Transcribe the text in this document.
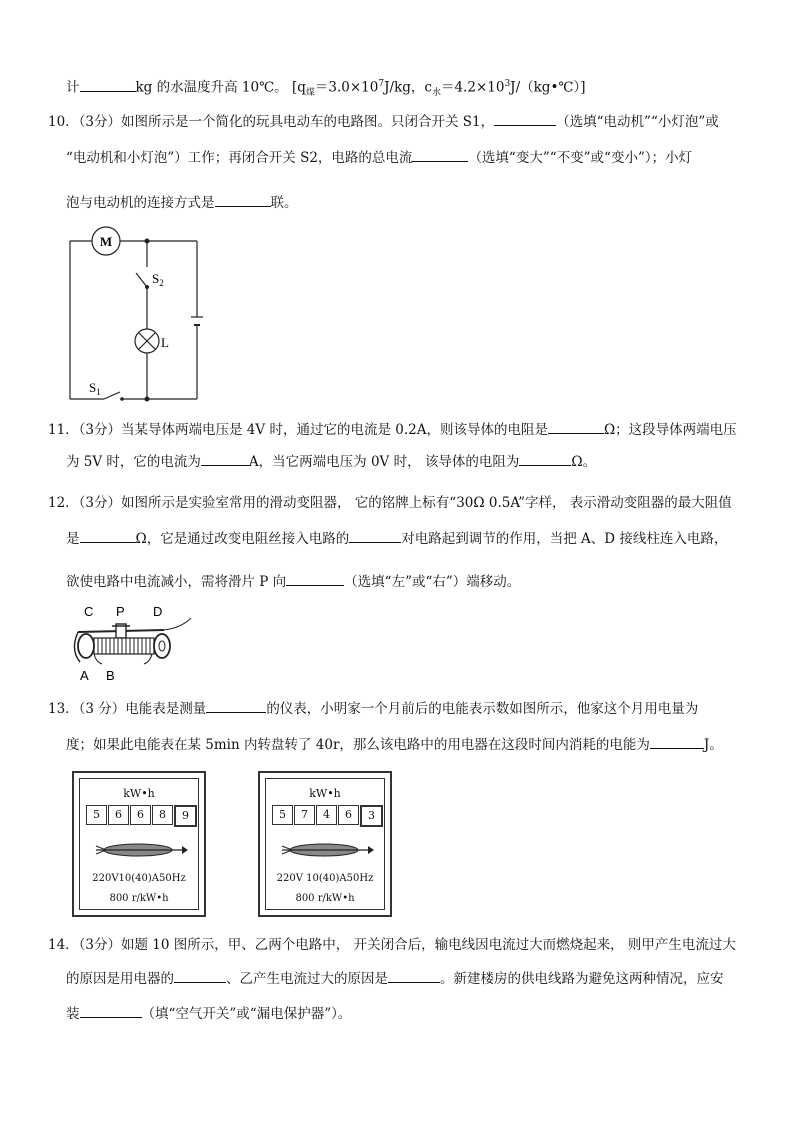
计	kg 的水温度升高 10℃。 [$q_煤=3.0\times 10^7J/kg$，$c_水=4.2\times 10^3J/(kg•℃)$]
10．（3分）如图所示是一个简化的玩具电动车的电路图。只闭合开关 S1，	（选填“电动机”“小灯泡”或
“电动机和小灯泡”）工作；再闭合开关 S2，电路的总电流	（选填“变大”“不变”或“变小”）；小灯
泡与电动机的连接方式是	联。
M
$S_2$
L
$S_1$
11．（3分）当某导体两端电压是 4V 时，通过它的电流是 0.2A，则该导体的电阻是	Ω；这段导体两端电压
为 5V 时，它的电流为	A，当它两端电压为 0V 时， 该导体的电阻为	Ω。
12．（3分）如图所示是实验室常用的滑动变阻器， 它的铭牌上标有“30Ω 0.5A”字样， 表示滑动变阻器的最大阻值
是	Ω，它是通过改变电阻丝接入电路的	对电路起到调节的作用，当把 A、D 接线柱连入电路，
欲使电路中电流减小，需将滑片 P 向	（选填“左”或“右”）端移动。
C P D
A B
13．（3 分）电能表是测量	的仪表，小明家一个月前后的电能表示数如图所示，他家这个月用电量为
度；如果此电能表在某 5min 内转盘转了 40r，那么该电路中的用电器在这段时间内消耗的电能为	J。
kW•h
5	6	6	8	9
220V10(40)A50Hz
800 r/kW•h
kW•h
5	7	4	6	3
220V 10(40)A50Hz
800 r/kW•h
14．（3分）如题 10 图所示，甲、乙两个电路中， 开关闭合后，输电线因电流过大而燃烧起来， 则甲产生电流过大
的原因是用电器的	、乙产生电流过大的原因是	。新建楼房的供电线路为避免这两种情况，应安
装	（填“空气开关”或“漏电保护器”）。
